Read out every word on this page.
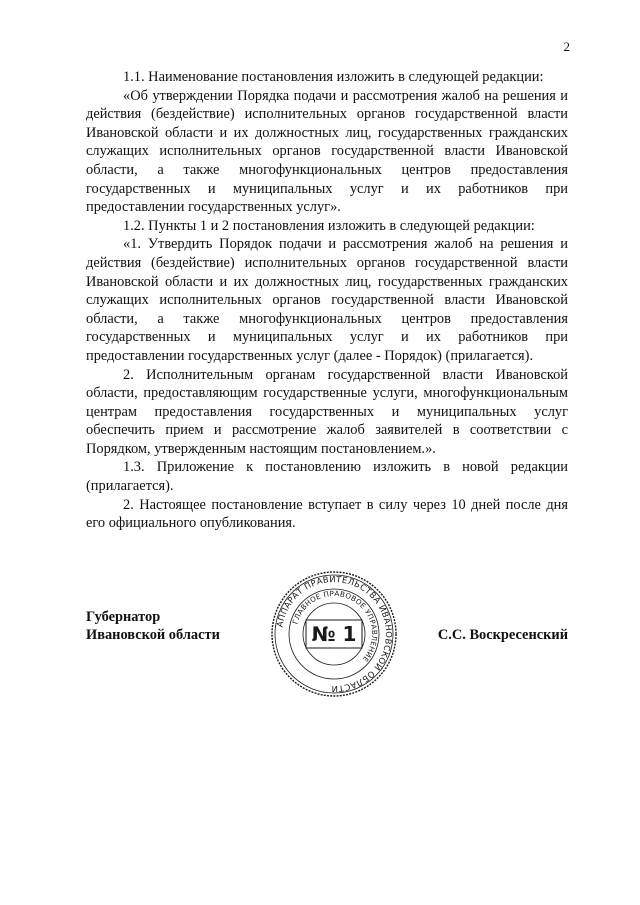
2

1.1. Наименование постановления изложить в следующей редакции:

«Об утверждении Порядка подачи и рассмотрения жалоб на решения и действия (бездействие) исполнительных органов государственной власти Ивановской области и их должностных лиц, государственных гражданских служащих исполнительных органов государственной власти Ивановской области, а также многофункциональных центров предоставления государственных и муниципальных услуг и их работников при предоставлении государственных услуг».

1.2. Пункты 1 и 2 постановления изложить в следующей редакции:

«1. Утвердить Порядок подачи и рассмотрения жалоб на решения и действия (бездействие) исполнительных органов государственной власти Ивановской области и их должностных лиц, государственных гражданских служащих исполнительных органов государственной власти Ивановской области, а также многофункциональных центров предоставления государственных и муниципальных услуг и их работников при предоставлении государственных услуг (далее - Порядок) (прилагается).

2. Исполнительным органам государственной власти Ивановской области, предоставляющим государственные услуги, многофункциональным центрам предоставления государственных и муниципальных услуг обеспечить прием и рассмотрение жалоб заявителей в соответствии с Порядком, утвержденным настоящим постановлением.».

1.3. Приложение к постановлению изложить в новой редакции (прилагается).

2. Настоящее постановление вступает в силу через 10 дней после дня его официального опубликования.

Губернатор
Ивановской области
АППАРАТ ПРАВИТЕЛЬСТВА ИВАНОВСКОЙ ОБЛАСТИ
ГЛАВНОЕ ПРАВОВОЕ УПРАВЛЕНИЕ
№ 1	С.С. Воскресенский
